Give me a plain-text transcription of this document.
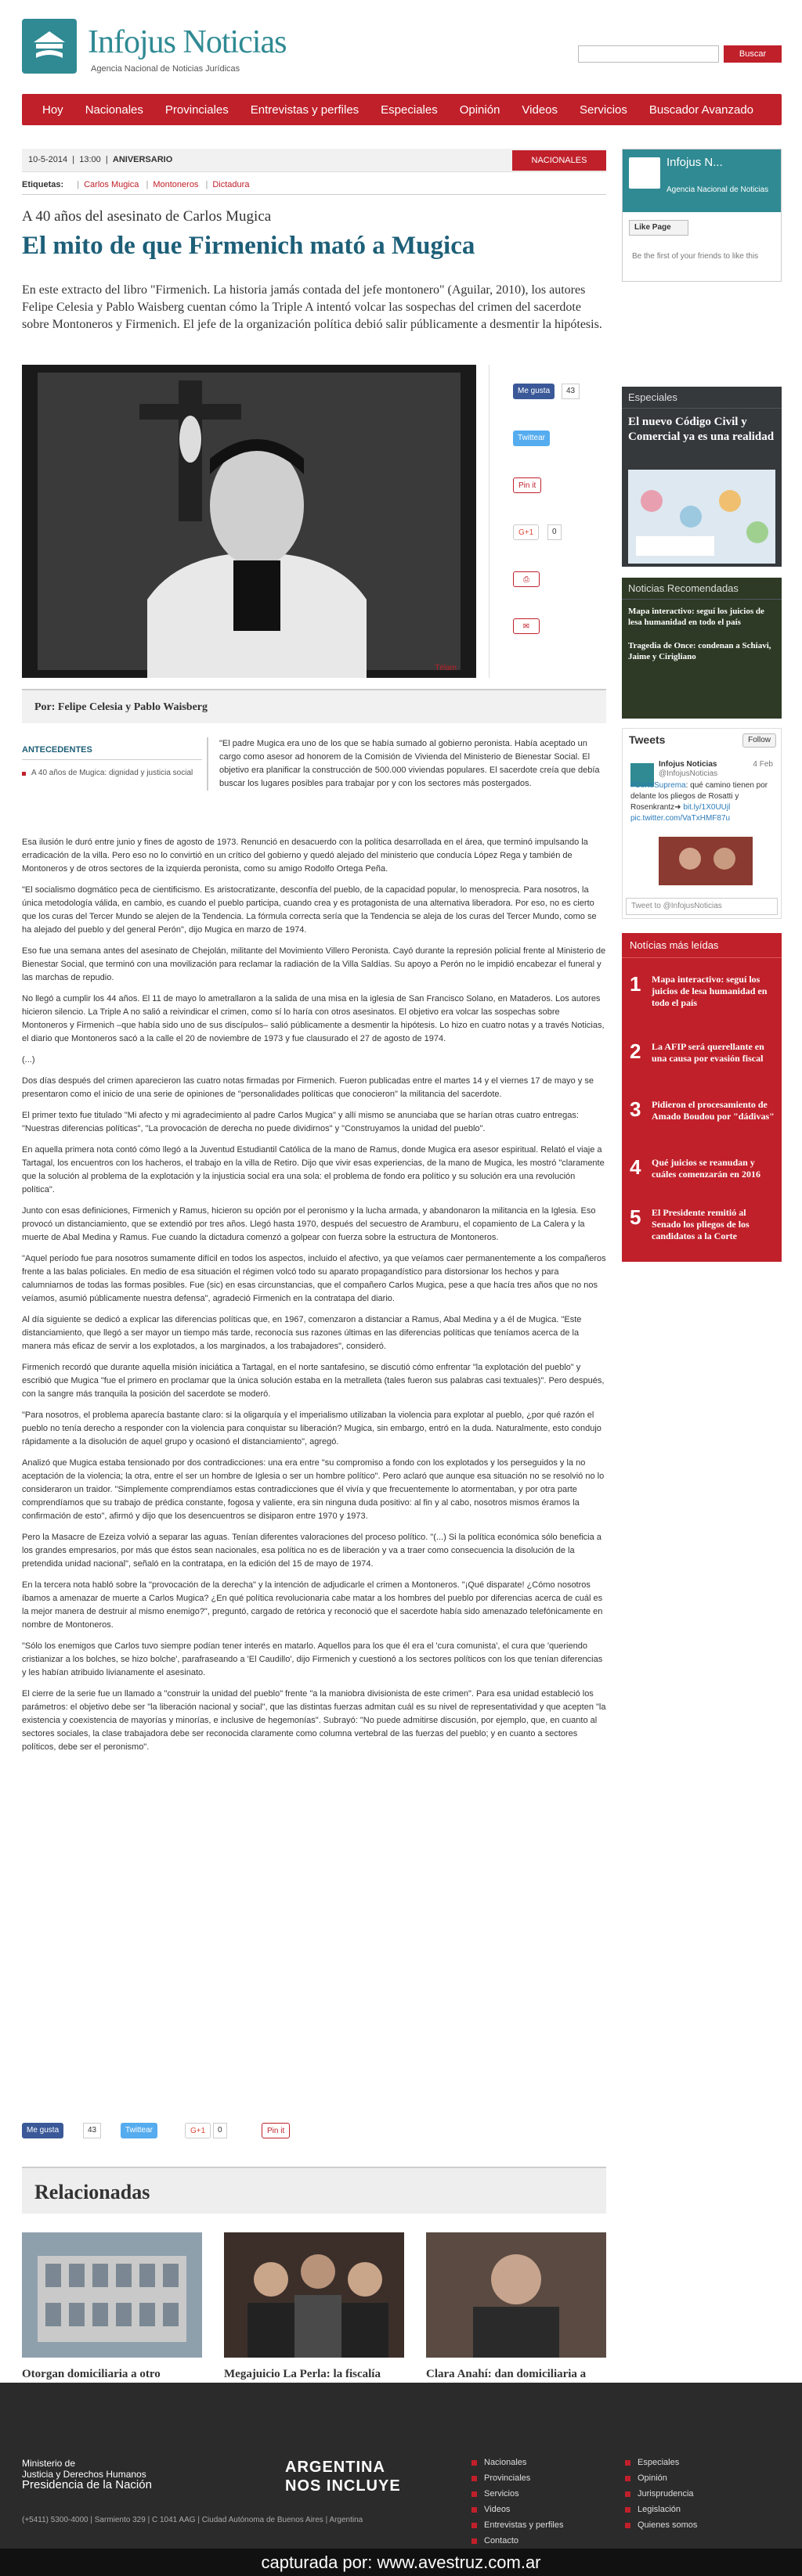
Infojus Noticias
Agencia Nacional de Noticias Jurídicas
Buscar
Hoy	Nacionales	Provinciales	Entrevistas y perfiles	Especiales	Opinión	Videos	Servicios	Buscador Avanzado
10-5-2014  |  13:00  |  ANIVERSARIO	NACIONALES
Etiquetas: | Carlos Mugica | Montoneros | Dictadura
A 40 años del asesinato de Carlos Mugica
El mito de que Firmenich mató a Mugica

En este extracto del libro "Firmenich. La historia jamás contada del jefe montonero" (Aguilar, 2010), los autores Felipe Celesia y Pablo Waisberg cuentan cómo la Triple A intentó volcar las sospechas del crimen del sacerdote sobre Montoneros y Firmenich. El jefe de la organización política debió salir públicamente a desmentir la hipótesis.

Télam
Me gusta	43
Twittear
Pin it
G+1	0
⎙
✉
Por: Felipe Celesia y Pablo Waisberg
ANTECEDENTES
A 40 años de Mugica: dignidad y justicia social
"El padre Mugica era uno de los que se había sumado al gobierno peronista. Había aceptado un cargo como asesor ad honorem de la Comisión de Vivienda del Ministerio de Bienestar Social. El objetivo era planificar la construcción de 500.000 viviendas populares. El sacerdote creía que debía buscar los lugares posibles para trabajar por y con los sectores más postergados.

Esa ilusión le duró entre junio y fines de agosto de 1973. Renunció en desacuerdo con la política desarrollada en el área, que terminó impulsando la erradicación de la villa. Pero eso no lo convirtió en un crítico del gobierno y quedó alejado del ministerio que conducía López Rega y también de Montoneros y de otros sectores de la izquierda peronista, como su amigo Rodolfo Ortega Peña.

"El socialismo dogmático peca de cientificismo. Es aristocratizante, desconfía del pueblo, de la capacidad popular, lo menosprecia. Para nosotros, la única metodología válida, en cambio, es cuando el pueblo participa, cuando crea y es protagonista de una alternativa liberadora. Por eso, no es cierto que los curas del Tercer Mundo se alejen de la Tendencia. La fórmula correcta sería que la Tendencia se aleja de los curas del Tercer Mundo, como se ha alejado del pueblo y del general Perón", dijo Mugica en marzo de 1974.

Eso fue una semana antes del asesinato de Chejolán, militante del Movimiento Villero Peronista. Cayó durante la represión policial frente al Ministerio de Bienestar Social, que terminó con una movilización para reclamar la radiación de la Villa Saldías. Su apoyo a Perón no le impidió encabezar el funeral y las marchas de repudio.

No llegó a cumplir los 44 años. El 11 de mayo lo ametrallaron a la salida de una misa en la iglesia de San Francisco Solano, en Mataderos. Los autores hicieron silencio. La Triple A no salió a reivindicar el crimen, como sí lo haría con otros asesinatos. El objetivo era volcar las sospechas sobre Montoneros y Firmenich –que había sido uno de sus discípulos– salió públicamente a desmentir la hipótesis. Lo hizo en cuatro notas y a través Noticias, el diario que Montoneros sacó a la calle el 20 de noviembre de 1973 y fue clausurado el 27 de agosto de 1974.

(...)

Dos días después del crimen aparecieron las cuatro notas firmadas por Firmenich. Fueron publicadas entre el martes 14 y el viernes 17 de mayo y se presentaron como el inicio de una serie de opiniones de "personalidades políticas que conocieron" la militancia del sacerdote.

El primer texto fue titulado "Mi afecto y mi agradecimiento al padre Carlos Mugica" y allí mismo se anunciaba que se harían otras cuatro entregas: "Nuestras diferencias políticas", "La provocación de derecha no puede dividirnos" y "Construyamos la unidad del pueblo".

En aquella primera nota contó cómo llegó a la Juventud Estudiantil Católica de la mano de Ramus, donde Mugica era asesor espiritual. Relató el viaje a Tartagal, los encuentros con los hacheros, el trabajo en la villa de Retiro. Dijo que vivir esas experiencias, de la mano de Mugica, les mostró "claramente que la solución al problema de la explotación y la injusticia social era una sola: el problema de fondo era político y su solución era una revolución política".

Junto con esas definiciones, Firmenich y Ramus, hicieron su opción por el peronismo y la lucha armada, y abandonaron la militancia en la Iglesia. Eso provocó un distanciamiento, que se extendió por tres años. Llegó hasta 1970, después del secuestro de Aramburu, el copamiento de La Calera y la muerte de Abal Medina y Ramus. Fue cuando la dictadura comenzó a golpear con fuerza sobre la estructura de Montoneros.

"Aquel período fue para nosotros sumamente difícil en todos los aspectos, incluido el afectivo, ya que veíamos caer permanentemente a los compañeros frente a las balas policiales. En medio de esa situación el régimen volcó todo su aparato propagandístico para distorsionar los hechos y para calumniarnos de todas las formas posibles. Fue (sic) en esas circunstancias, que el compañero Carlos Mugica, pese a que hacía tres años que no nos veíamos, asumió públicamente nuestra defensa", agradeció Firmenich en la contratapa del diario.

Al día siguiente se dedicó a explicar las diferencias políticas que, en 1967, comenzaron a distanciar a Ramus, Abal Medina y a él de Mugica. "Este distanciamiento, que llegó a ser mayor un tiempo más tarde, reconocía sus razones últimas en las diferencias políticas que teníamos acerca de la manera más eficaz de servir a los explotados, a los marginados, a los trabajadores", consideró.

Firmenich recordó que durante aquella misión iniciática a Tartagal, en el norte santafesino, se discutió cómo enfrentar "la explotación del pueblo" y escribió que Mugica "fue el primero en proclamar que la única solución estaba en la metralleta (tales fueron sus palabras casi textuales)". Pero después, con la sangre más tranquila la posición del sacerdote se moderó.

"Para nosotros, el problema aparecía bastante claro: si la oligarquía y el imperialismo utilizaban la violencia para explotar al pueblo, ¿por qué razón el pueblo no tenía derecho a responder con la violencia para conquistar su liberación? Mugica, sin embargo, entró en la duda. Naturalmente, esto condujo rápidamente a la disolución de aquel grupo y ocasionó el distanciamiento", agregó.

Analizó que Mugica estaba tensionado por dos contradicciones: una era entre "su compromiso a fondo con los explotados y los perseguidos y la no aceptación de la violencia; la otra, entre el ser un hombre de Iglesia o ser un hombre político". Pero aclaró que aunque esa situación no se resolvió no lo consideraron un traidor. "Simplemente comprendíamos estas contradicciones que él vivía y que frecuentemente lo atormentaban, y por otra parte comprendíamos que su trabajo de prédica constante, fogosa y valiente, era sin ninguna duda positivo: al fin y al cabo, nosotros mismos éramos la confirmación de esto", afirmó y dijo que los desencuentros se disiparon entre 1970 y 1973.

Pero la Masacre de Ezeiza volvió a separar las aguas. Tenían diferentes valoraciones del proceso político. "(...) Si la política económica sólo beneficia a los grandes empresarios, por más que éstos sean nacionales, esa política no es de liberación y va a traer como consecuencia la disolución de la pretendida unidad nacional", señaló en la contratapa, en la edición del 15 de mayo de 1974.

En la tercera nota habló sobre la "provocación de la derecha" y la intención de adjudicarle el crimen a Montoneros. "¡Qué disparate! ¿Cómo nosotros íbamos a amenazar de muerte a Carlos Mugica? ¿En qué política revolucionaria cabe matar a los hombres del pueblo por diferencias acerca de cuál es la mejor manera de destruir al mismo enemigo?", preguntó, cargado de retórica y reconoció que el sacerdote había sido amenazado telefónicamente en nombre de Montoneros.

"Sólo los enemigos que Carlos tuvo siempre podían tener interés en matarlo. Aquellos para los que él era el 'cura comunista', el cura que 'queriendo cristianizar a los bolches, se hizo bolche', parafraseando a 'El Caudillo', dijo Firmenich y cuestionó a los sectores políticos con los que tenían diferencias y les habían atribuido livianamente el asesinato.

El cierre de la serie fue un llamado a "construir la unidad del pueblo" frente "a la maniobra divisionista de este crimen". Para esa unidad estableció los parámetros: el objetivo debe ser "la liberación nacional y social", que las distintas fuerzas admitan cuál es su nivel de representatividad y que acepten "la existencia y coexistencia de mayorías y minorías, e inclusive de hegemonías". Subrayó: "No puede admitirse discusión, por ejemplo, que, en cuanto al sectores sociales, la clase trabajadora debe ser reconocida claramente como columna vertebral de las fuerzas del pueblo; y en cuanto a sectores políticos, debe ser el peronismo".

Me gusta	43	Twittear	G+1	0	Pin it
Relacionadas
Otorgan domiciliaria a otro	Megajuicio La Perla: la fiscalía	Clara Anahí: dan domiciliaria a
Infojus N...
Agencia Nacional de Noticias
Like Page
Be the first of your friends to like this
Especiales
El nuevo Código Civil y Comercial ya es una realidad
Noticias Recomendadas
Mapa interactivo: seguí los juicios de lesa humanidad en todo el país
Tragedia de Once: condenan a Schiavi, Jaime y Cirigliano
Tweets	Follow
Infojus Noticias
@InfojusNoticias
4 Feb
#CorteSuprema: qué camino tienen por delante los pliegos de Rosatti y Rosenkrantz➜ bit.ly/1X0UUjl pic.twitter.com/VaTxHMF87u
Tweet to @InfojusNoticias
Notícias más leídas
1 Mapa interactivo: seguí los juicios de lesa humanidad en todo el país
2 La AFIP será querellante en una causa por evasión fiscal
3 Pidieron el procesamiento de Amado Boudou por "dádivas"
4 Qué juicios se reanudan y cuáles comenzarán en 2016
5 El Presidente remitió al Senado los pliegos de los candidatos a la Corte
Ministerio de
Justicia y Derechos Humanos
Presidencia de la Nación
ARGENTINA
NOS INCLUYE
(+5411) 5300-4000 | Sarmiento 329 | C 1041 AAG | Ciudad Autónoma de Buenos Aires | Argentina
Nacionales
Provinciales
Servicios
Videos
Entrevistas y perfiles
Contacto
Especiales
Opinión
Jurisprudencia
Legislación
Quienes somos
capturada por: www.avestruz.com.ar
